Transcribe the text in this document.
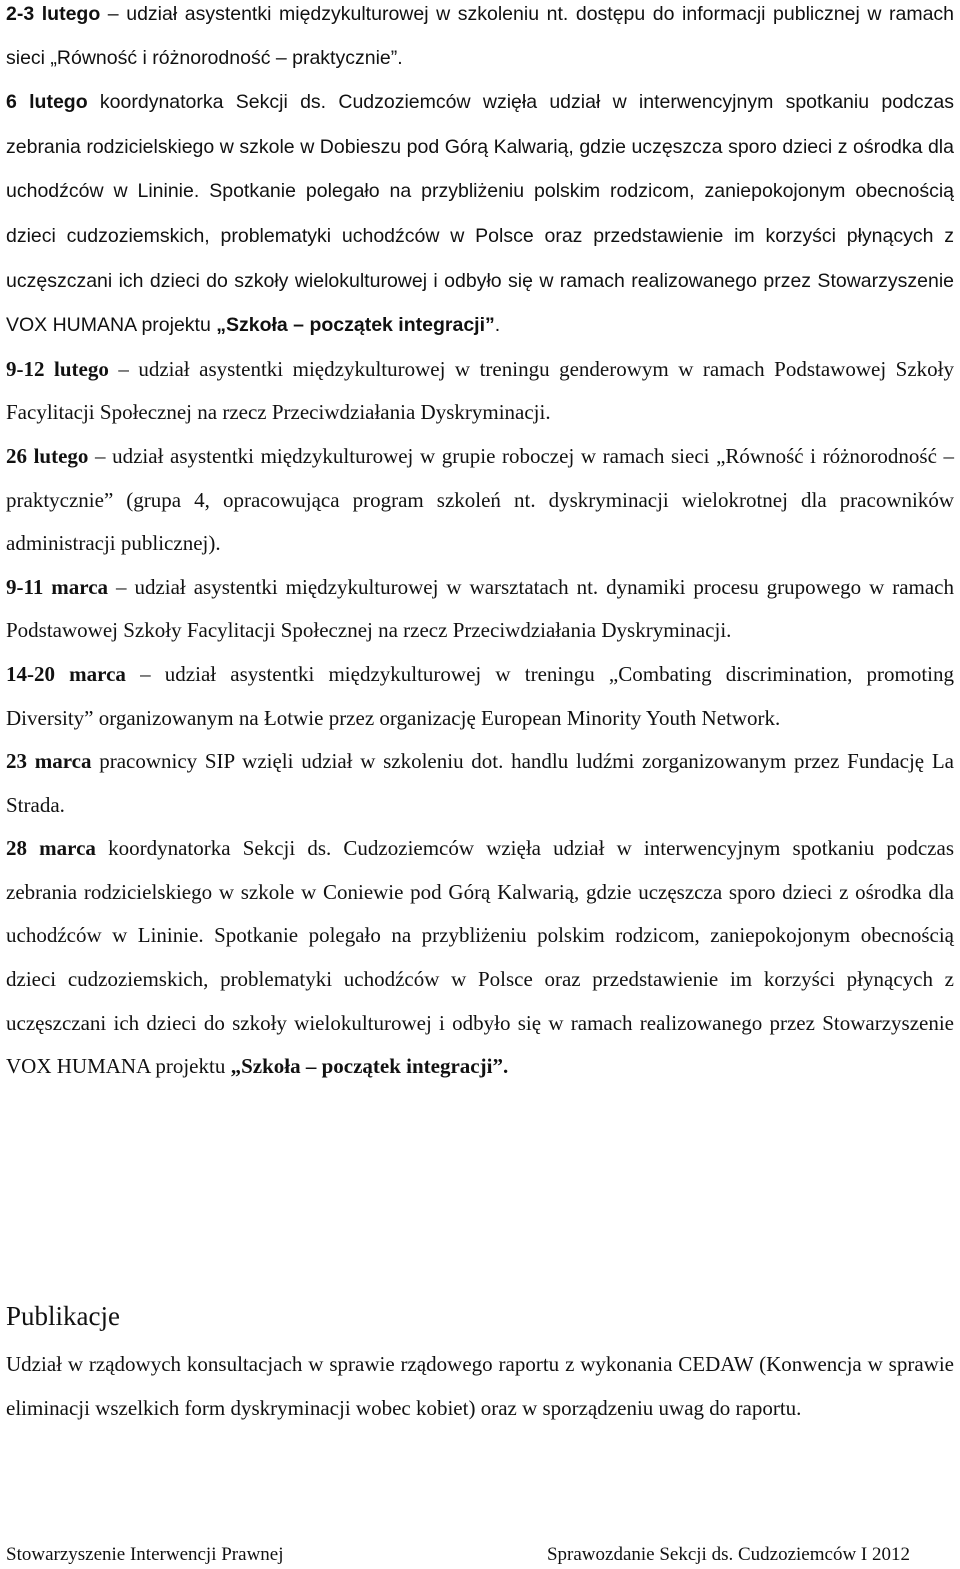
2-3 lutego – udział asystentki międzykulturowej w szkoleniu nt. dostępu do informacji publicznej w ramach sieci „Równość i różnorodność – praktycznie”.

6 lutego koordynatorka Sekcji ds. Cudzoziemców wzięła udział w interwencyjnym spotkaniu podczas zebrania rodzicielskiego w szkole w Dobieszu pod Górą Kalwarią, gdzie uczęszcza sporo dzieci z ośrodka dla uchodźców w Lininie. Spotkanie polegało na przybliżeniu polskim rodzicom, zaniepokojonym obecnością dzieci cudzoziemskich, problematyki uchodźców w Polsce oraz przedstawienie im korzyści płynących z uczęszczani ich dzieci do szkoły wielokulturowej i odbyło się w ramach realizowanego przez Stowarzyszenie VOX HUMANA projektu „Szkoła – początek integracji”.

9-12 lutego – udział asystentki międzykulturowej w treningu genderowym w ramach Podstawowej Szkoły Facylitacji Społecznej na rzecz Przeciwdziałania Dyskryminacji.

26 lutego – udział asystentki międzykulturowej w grupie roboczej w ramach sieci „Równość i różnorodność – praktycznie” (grupa 4, opracowująca program szkoleń nt. dyskryminacji wielokrotnej dla pracowników administracji publicznej).

9-11 marca – udział asystentki międzykulturowej w warsztatach nt. dynamiki procesu grupowego w ramach Podstawowej Szkoły Facylitacji Społecznej na rzecz Przeciwdziałania Dyskryminacji.

14-20 marca – udział asystentki międzykulturowej w treningu „Combating discrimination, promoting Diversity” organizowanym na Łotwie przez organizację European Minority Youth Network.

23 marca pracownicy SIP wzięli udział w szkoleniu dot. handlu ludźmi zorganizowanym przez Fundację La Strada.

28 marca koordynatorka Sekcji ds. Cudzoziemców wzięła udział w interwencyjnym spotkaniu podczas zebrania rodzicielskiego w szkole w Coniewie pod Górą Kalwarią, gdzie uczęszcza sporo dzieci z ośrodka dla uchodźców w Lininie. Spotkanie polegało na przybliżeniu polskim rodzicom, zaniepokojonym obecnością dzieci cudzoziemskich, problematyki uchodźców w Polsce oraz przedstawienie im korzyści płynących z uczęszczani ich dzieci do szkoły wielokulturowej i odbyło się w ramach realizowanego przez Stowarzyszenie VOX HUMANA projektu „Szkoła – początek integracji”.

Publikacje

Udział w rządowych konsultacjach w sprawie rządowego raportu z wykonania CEDAW (Konwencja w sprawie eliminacji wszelkich form dyskryminacji wobec kobiet) oraz w sporządzeniu uwag do raportu.

Stowarzyszenie Interwencji Prawnej	Sprawozdanie Sekcji ds. Cudzoziemców I 2012
